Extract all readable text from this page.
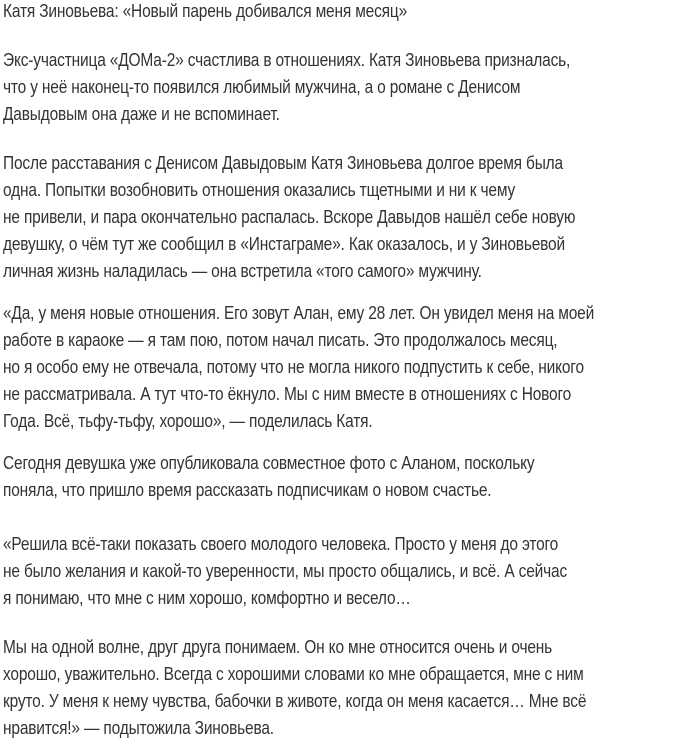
Катя Зиновьева: «Новый парень добивался меня месяц»
Экс-участница «ДОМа-2» счастлива в отношениях. Катя Зиновьева призналась,
что у неё наконец-то появился любимый мужчина, а о романе с Денисом
Давыдовым она даже и не вспоминает.
После расставания с Денисом Давыдовым Катя Зиновьева долгое время была
одна. Попытки возобновить отношения оказались тщетными и ни к чему
не привели, и пара окончательно распалась. Вскоре Давыдов нашёл себе новую
девушку, о чём тут же сообщил в «Инстаграме». Как оказалось, и у Зиновьевой
личная жизнь наладилась — она встретила «того самого» мужчину.
«Да, у меня новые отношения. Его зовут Алан, ему 28 лет. Он увидел меня на моей
работе в караоке — я там пою, потом начал писать. Это продолжалось месяц,
но я особо ему не отвечала, потому что не могла никого подпустить к себе, никого
не рассматривала. А тут что-то ёкнуло. Мы с ним вместе в отношениях с Нового
Года. Всё, тьфу-тьфу, хорошо», — поделилась Катя.
Сегодня девушка уже опубликовала совместное фото с Аланом, поскольку
поняла, что пришло время рассказать подписчикам о новом счастье.
«Решила всё-таки показать своего молодого человека. Просто у меня до этого
не было желания и какой-то уверенности, мы просто общались, и всё. А сейчас
я понимаю, что мне с ним хорошо, комфортно и весело…
Мы на одной волне, друг друга понимаем. Он ко мне относится очень и очень
хорошо, уважительно. Всегда с хорошими словами ко мне обращается, мне с ним
круто. У меня к нему чувства, бабочки в животе, когда он меня касается… Мне всё
нравится!» — подытожила Зиновьева.
